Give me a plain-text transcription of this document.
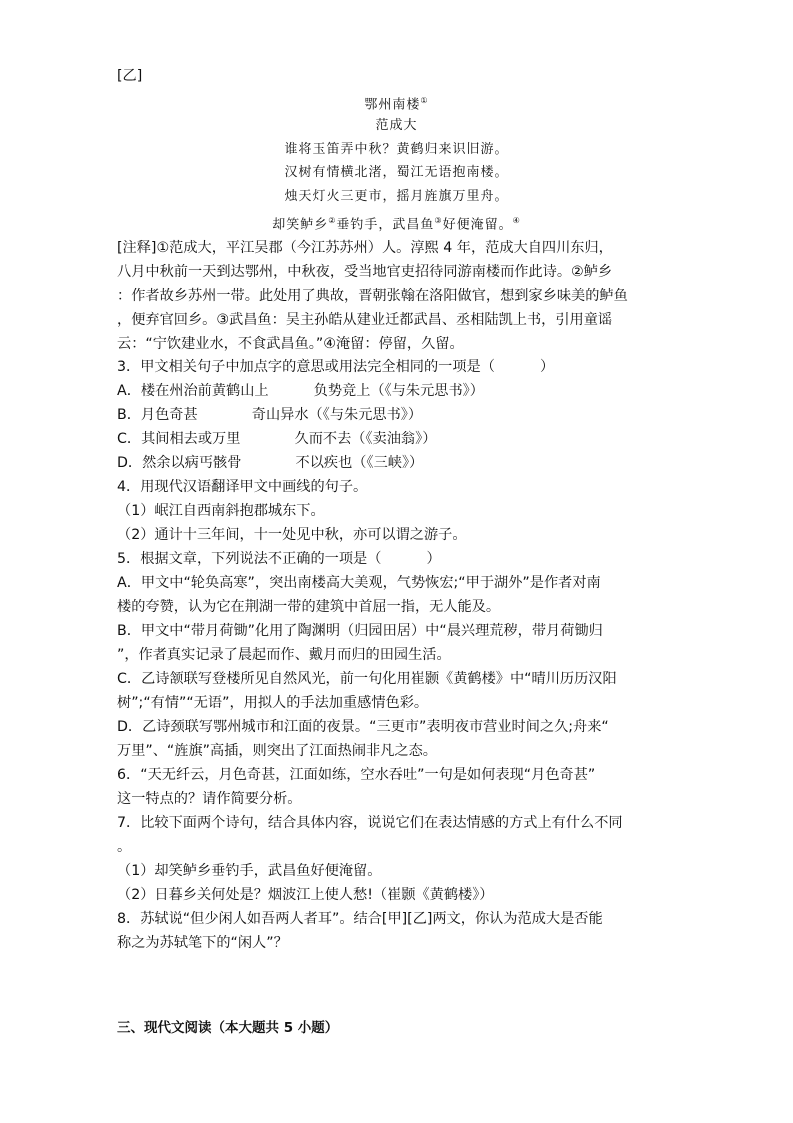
[乙]

鄂州南楼①

范成大

谁将玉笛弄中秋？黄鹤归来识旧游。

汉树有情横北渚，蜀江无语抱南楼。

烛天灯火三更市，摇月旌旗万里舟。

却笑鲈乡②垂钓手，武昌鱼③好便淹留。④

[注释]①范成大，平江吴郡（今江苏苏州）人。淳熙 4 年，范成大自四川东归，

八月中秋前一天到达鄂州，中秋夜，受当地官吏招待同游南楼而作此诗。②鲈乡

：作者故乡苏州一带。此处用了典故，晋朝张翰在洛阳做官，想到家乡味美的鲈鱼

，便弃官回乡。③武昌鱼：吴主孙皓从建业迁都武昌、丞相陆凯上书，引用童谣

云：“宁饮建业水，不食武昌鱼。”④淹留：停留，久留。

3．甲文相关句子中加点字的意思或用法完全相同的一项是（          ）

A．楼在州治前黄鹤山上          负势竞上（《与朱元思书》）

B．月色奇甚            奇山异水（《与朱元思书》）

C．其间相去或万里            久而不去（《卖油翁》）

D．然余以病丐骸骨            不以疾也（《三峡》）

4．用现代汉语翻译甲文中画线的句子。

（1）岷江自西南斜抱郡城东下。

（2）通计十三年间，十一处见中秋，亦可以谓之游子。

5．根据文章，下列说法不正确的一项是（          ）

A．甲文中“轮奂高寒”，突出南楼高大美观，气势恢宏;“甲于湖外”是作者对南

楼的夸赞，认为它在荆湖一带的建筑中首屈一指，无人能及。

B．甲文中“带月荷锄”化用了陶渊明（归园田居）中“晨兴理荒秽，带月荷锄归

”，作者真实记录了晨起而作、戴月而归的田园生活。

C．乙诗颔联写登楼所见自然风光，前一句化用崔颢《黄鹤楼》中“晴川历历汉阳

树”;“有情”“无语”，用拟人的手法加重感情色彩。

D．乙诗颈联写鄂州城市和江面的夜景。“三更市”表明夜市营业时间之久;舟来“

万里”、“旌旗”高插，则突出了江面热闹非凡之态。

6．“天无纤云，月色奇甚，江面如练，空水吞吐”一句是如何表现“月色奇甚”

这一特点的？请作简要分析。

7．比较下面两个诗句，结合具体内容，说说它们在表达情感的方式上有什么不同

。

（1）却笑鲈乡垂钓手，武昌鱼好便淹留。

（2）日暮乡关何处是？烟波江上使人愁!（崔颢《黄鹤楼》）

8．苏轼说“但少闲人如吾两人者耳”。结合[甲][乙]两文，你认为范成大是否能

称之为苏轼笔下的“闲人”？

三、现代文阅读（本大题共 5 小题）
